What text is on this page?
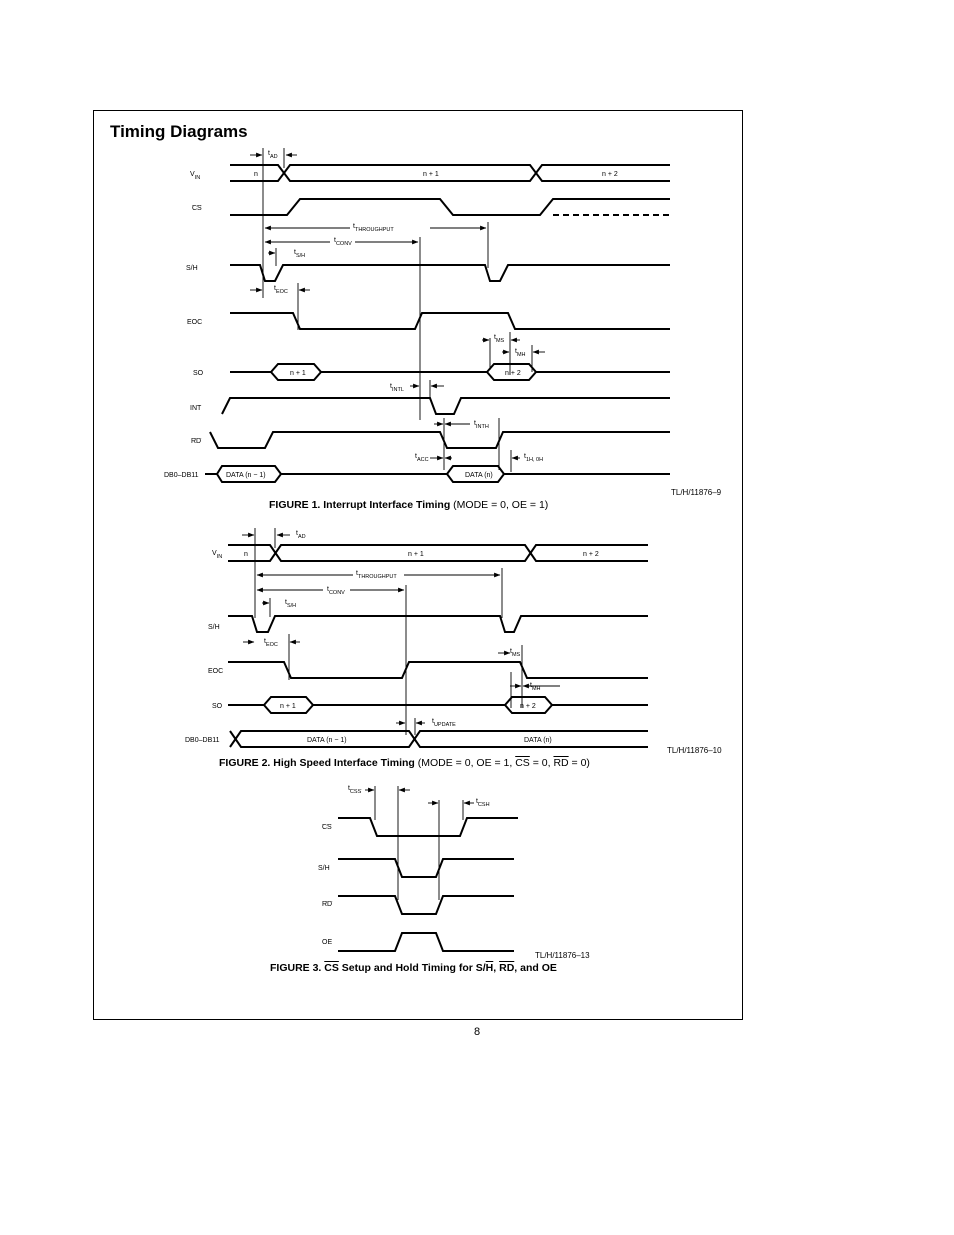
Timing Diagrams
$V_{IN}$
CS
S/H
EOC
SO
INT
RD
DB0–DB11
n	n + 1	n + 2
n + 1	n + 2
DATA (n − 1)	DATA (n)
$t_{AD}$
$t_{THROUGHPUT}$
$t_{CONV}$
$t_{S/H}$
$t_{EOC}$
$t_{MS}$
$t_{MH}$
$t_{INTL}$
$t_{INTH}$
$t_{ACC}$	$t_{1H, 0H}$
$V_{IN}$
S/H
EOC
SO
DB0–DB11
n	n + 1	n + 2
n + 1	n + 2
DATA (n − 1)	DATA (n)
$t_{AD}$
$t_{THROUGHPUT}$
$t_{CONV}$
$t_{S/H}$
$t_{EOC}$
$t_{MS}$
$t_{MH}$
$t_{UPDATE}$
CS
S/H
RD
OE
$t_{CSS}$
$t_{CSH}$
TL/H/11876–9
TL/H/11876–10
TL/H/11876–13
FIGURE 1. Interrupt Interface Timing (MODE = 0, OE = 1)
FIGURE 2. High Speed Interface Timing (MODE = 0, OE = 1, $\overline{CS} = 0$, $\overline{RD} = 0$)
FIGURE 3. $\overline{CS}$ Setup and Hold Timing for $S/\overline{H}$, $\overline{RD}$, and OE
8
